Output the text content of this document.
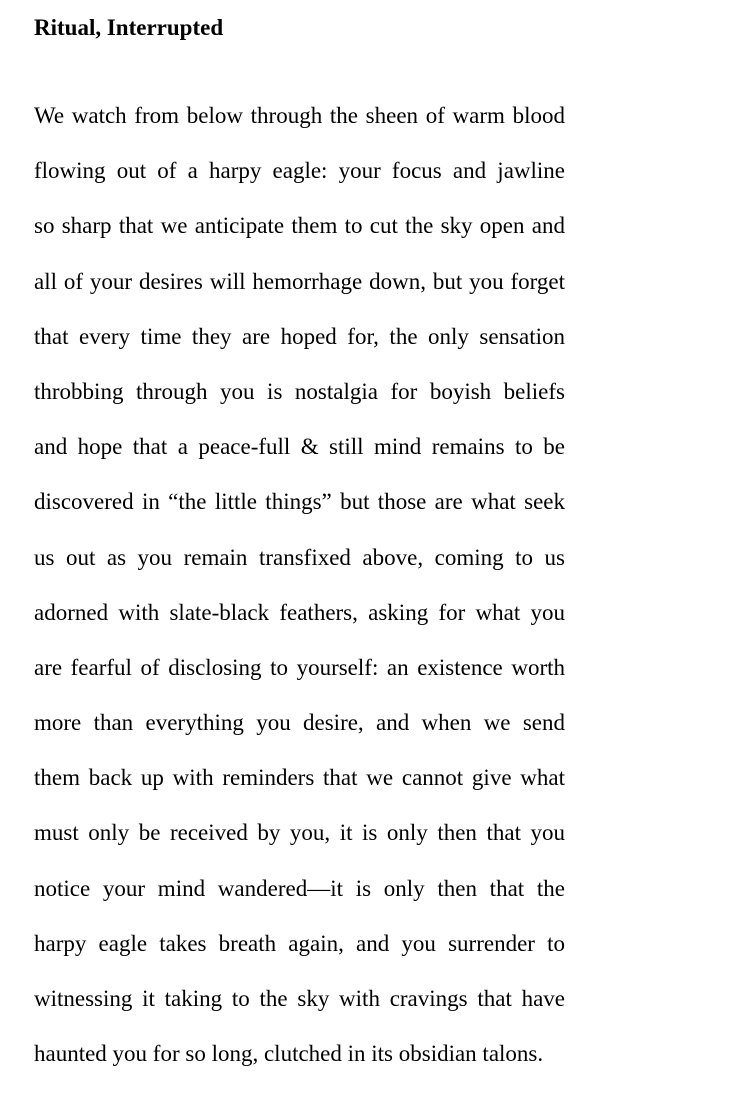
Ritual, Interrupted
We watch from below through the sheen of warm blood
flowing out of a harpy eagle: your focus and jawline
so sharp that we anticipate them to cut the sky open and
all of your desires will hemorrhage down, but you forget
that every time they are hoped for, the only sensation
throbbing through you is nostalgia for boyish beliefs
and hope that a peace-full & still mind remains to be
discovered in “the little things” but those are what seek
us out as you remain transfixed above, coming to us
adorned with slate-black feathers, asking for what you
are fearful of disclosing to yourself: an existence worth
more than everything you desire, and when we send
them back up with reminders that we cannot give what
must only be received by you, it is only then that you
notice your mind wandered—it is only then that the
harpy eagle takes breath again, and you surrender to
witnessing it taking to the sky with cravings that have
haunted you for so long, clutched in its obsidian talons.
